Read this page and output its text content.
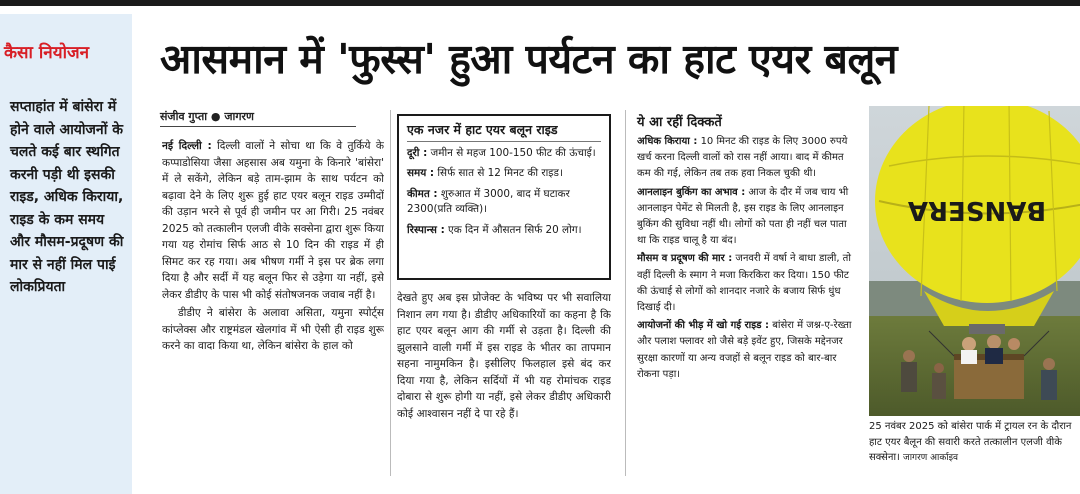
कैसा नियोजन
सप्ताहांत में बांसेरा में होने वाले आयोजनों के चलते कई बार स्थगित करनी पड़ी थी इसकी राइड, अधिक किराया, राइड के कम समय और मौसम-प्रदूषण की मार से नहीं मिल पाई लोकप्रियता
आसमान में 'फुस्स' हुआ पर्यटन का हाट एयर बलून
संजीव गुप्ता ● जागरण

नई दिल्ली : दिल्ली वालों ने सोचा था कि वे तुर्किये के कप्पाडोसिया जैसा अहसास अब यमुना के किनारे 'बांसेरा' में ले सकेंगे, लेकिन बड़े ताम-झाम के साथ पर्यटन को बढ़ावा देने के लिए शुरू हुई हाट एयर बलून राइड उम्मीदों की उड़ान भरने से पूर्व ही जमीन पर आ गिरी। 25 नवंबर 2025 को तत्कालीन एलजी वीके सक्सेना द्वारा शुरू किया गया यह रोमांच सिर्फ आठ से 10 दिन की राइड में ही सिमट कर रह गया। अब भीषण गर्मी ने इस पर ब्रेक लगा दिया है और सर्दी में यह बलून फिर से उड़ेगा या नहीं, इसे लेकर डीडीए के पास भी कोई संतोषजनक जवाब नहीं है।

डीडीए ने बांसेरा के अलावा असिता, यमुना स्पोर्ट्स कांप्लेक्स और राष्ट्रमंडल खेलगांव में भी ऐसी ही राइड शुरू करने का वादा किया था, लेकिन बांसेरा के हाल को

एक नजर में हाट एयर बलून राइड

दूरी : जमीन से महज 100-150 फीट की ऊंचाई।

समय : सिर्फ सात से 12 मिनट की राइड।

कीमत : शुरुआत में 3000, बाद में घटाकर 2300(प्रति व्यक्ति)।

रिस्पान्स : एक दिन में औसतन सिर्फ 20 लोग।

देखते हुए अब इस प्रोजेक्ट के भविष्य पर भी सवालिया निशान लग गया है। डीडीए अधिकारियों का कहना है कि हाट एयर बलून आग की गर्मी से उड़ता है। दिल्ली की झुलसाने वाली गर्मी में इस राइड के भीतर का तापमान सहना नामुमकिन है। इसीलिए फिलहाल इसे बंद कर दिया गया है, लेकिन सर्दियों में भी यह रोमांचक राइड दोबारा से शुरू होगी या नहीं, इसे लेकर डीडीए अधिकारी कोई आश्वासन नहीं दे पा रहे हैं।

ये आ रहीं दिक्कतें

अधिक किराया : 10 मिनट की राइड के लिए 3000 रुपये खर्च करना दिल्ली वालों को रास नहीं आया। बाद में कीमत कम की गई, लेकिन तब तक हवा निकल चुकी थी।

आनलाइन बुकिंग का अभाव : आज के दौर में जब चाय भी आनलाइन पेमेंट से मिलती है, इस राइड के लिए आनलाइन बुकिंग की सुविधा नहीं थी। लोगों को पता ही नहीं चल पाता था कि राइड चालू है या बंद।

मौसम व प्रदूषण की मार : जनवरी में वर्षा ने बाधा डाली, तो वहीं दिल्ली के स्माग ने मजा किरकिरा कर दिया। 150 फीट की ऊंचाई से लोगों को शानदार नजारे के बजाय सिर्फ धुंध दिखाई दी।

आयोजनों की भीड़ में खो गई राइड : बांसेरा में जश्न-ए-रेख्ता और पलाश फ्लावर शो जैसे बड़े इवेंट हुए, जिसके मद्देनजर सुरक्षा कारणों या अन्य वजहों से बलून राइड को बार-बार रोकना पड़ा।

BANSERA
25 नवंबर 2025 को बांसेरा पार्क में ट्रायल रन के दौरान हाट एयर बैलून की सवारी करते तत्कालीन एलजी वीके सक्सेना। जागरण आर्काइव
